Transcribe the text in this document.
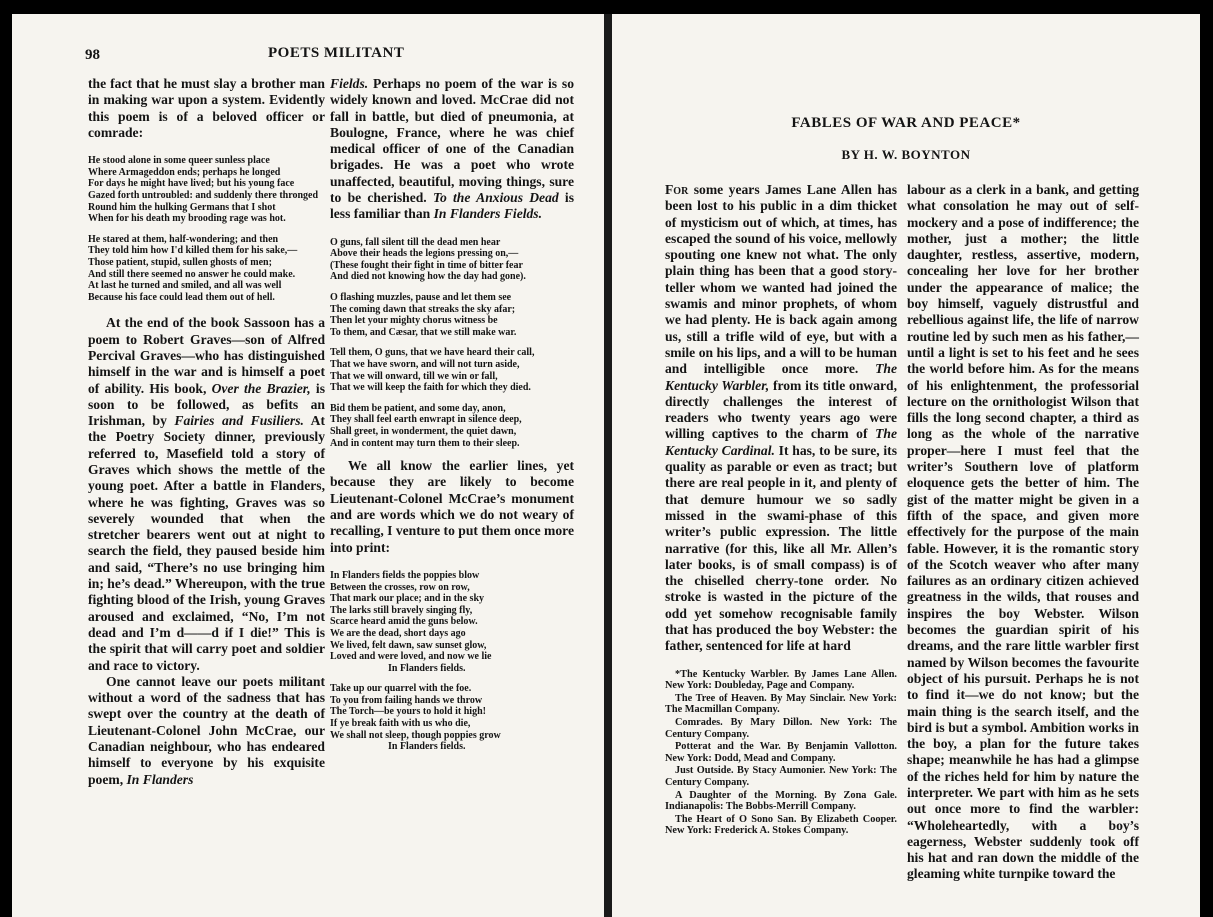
98	POETS MILITANT

the fact that he must slay a brother man in making war upon a system. Evidently this poem is of a beloved officer or comrade:

He stood alone in some queer sunless place
Where Armageddon ends; perhaps he longed
For days he might have lived; but his young face
Gazed forth untroubled: and suddenly there thronged
Round him the hulking Germans that I shot
When for his death my brooding rage was hot.
He stared at them, half-wondering; and then
They told him how I'd killed them for his sake,—
Those patient, stupid, sullen ghosts of men;
And still there seemed no answer he could make.
At last he turned and smiled, and all was well
Because his face could lead them out of hell.

At the end of the book Sassoon has a poem to Robert Graves—son of Alfred Percival Graves—who has distinguished himself in the war and is himself a poet of ability. His book, Over the Brazier, is soon to be followed, as befits an Irishman, by Fairies and Fusiliers. At the Poetry Society dinner, previously referred to, Masefield told a story of Graves which shows the mettle of the young poet. After a battle in Flanders, where he was fighting, Graves was so severely wounded that when the stretcher bearers went out at night to search the field, they paused beside him and said, “There’s no use bringing him in; he’s dead.” Whereupon, with the true fighting blood of the Irish, young Graves aroused and exclaimed, “No, I’m not dead and I’m d——d if I die!” This is the spirit that will carry poet and soldier and race to victory.

One cannot leave our poets militant without a word of the sadness that has swept over the country at the death of Lieutenant-Colonel John McCrae, our Canadian neighbour, who has endeared himself to everyone by his exquisite poem, In Flanders

Fields. Perhaps no poem of the war is so widely known and loved. McCrae did not fall in battle, but died of pneumonia, at Boulogne, France, where he was chief medical officer of one of the Canadian brigades. He was a poet who wrote unaffected, beautiful, moving things, sure to be cherished. To the Anxious Dead is less familiar than In Flanders Fields.

O guns, fall silent till the dead men hear
Above their heads the legions pressing on,—
(These fought their fight in time of bitter fear
And died not knowing how the day had gone).
O flashing muzzles, pause and let them see
The coming dawn that streaks the sky afar;
Then let your mighty chorus witness be
To them, and Cæsar, that we still make war.
Tell them, O guns, that we have heard their call,
That we have sworn, and will not turn aside,
That we will onward, till we win or fall,
That we will keep the faith for which they died.
Bid them be patient, and some day, anon,
They shall feel earth enwrapt in silence deep,
Shall greet, in wonderment, the quiet dawn,
And in content may turn them to their sleep.

We all know the earlier lines, yet because they are likely to become Lieutenant-Colonel McCrae’s monument and are words which we do not weary of recalling, I venture to put them once more into print:

In Flanders fields the poppies blow
Between the crosses, row on row,
That mark our place; and in the sky
The larks still bravely singing fly,
Scarce heard amid the guns below.
We are the dead, short days ago
We lived, felt dawn, saw sunset glow,
Loved and were loved, and now we lie
In Flanders fields.
Take up our quarrel with the foe.
To you from failing hands we throw
The Torch—be yours to hold it high!
If ye break faith with us who die,
We shall not sleep, though poppies grow
In Flanders fields.
FABLES OF WAR AND PEACE*
BY H. W. BOYNTON

For some years James Lane Allen has been lost to his public in a dim thicket of mysticism out of which, at times, has escaped the sound of his voice, mellowly spouting one knew not what. The only plain thing has been that a good story-teller whom we wanted had joined the swamis and minor prophets, of whom we had plenty. He is back again among us, still a trifle wild of eye, but with a smile on his lips, and a will to be human and intelligible once more. The Kentucky Warbler, from its title onward, directly challenges the interest of readers who twenty years ago were willing captives to the charm of The Kentucky Cardinal. It has, to be sure, its quality as parable or even as tract; but there are real people in it, and plenty of that demure humour we so sadly missed in the swami-phase of this writer’s public expression. The little narrative (for this, like all Mr. Allen’s later books, is of small compass) is of the chiselled cherry-tone order. No stroke is wasted in the picture of the odd yet somehow recognisable family that has produced the boy Webster: the father, sentenced for life at hard

*The Kentucky Warbler. By James Lane Allen. New York: Doubleday, Page and Company.

The Tree of Heaven. By May Sinclair. New York: The Macmillan Company.

Comrades. By Mary Dillon. New York: The Century Company.

Potterat and the War. By Benjamin Vallotton. New York: Dodd, Mead and Company.

Just Outside. By Stacy Aumonier. New York: The Century Company.

A Daughter of the Morning. By Zona Gale. Indianapolis: The Bobbs-Merrill Company.

The Heart of O Sono San. By Elizabeth Cooper. New York: Frederick A. Stokes Company.

labour as a clerk in a bank, and getting what consolation he may out of self-mockery and a pose of indifference; the mother, just a mother; the little daughter, restless, assertive, modern, concealing her love for her brother under the appearance of malice; the boy himself, vaguely distrustful and rebellious against life, the life of narrow routine led by such men as his father,—until a light is set to his feet and he sees the world before him. As for the means of his enlightenment, the professorial lecture on the ornithologist Wilson that fills the long second chapter, a third as long as the whole of the narrative proper—here I must feel that the writer’s Southern love of platform eloquence gets the better of him. The gist of the matter might be given in a fifth of the space, and given more effectively for the purpose of the main fable. However, it is the romantic story of the Scotch weaver who after many failures as an ordinary citizen achieved greatness in the wilds, that rouses and inspires the boy Webster. Wilson becomes the guardian spirit of his dreams, and the rare little warbler first named by Wilson becomes the favourite object of his pursuit. Perhaps he is not to find it—we do not know; but the main thing is the search itself, and the bird is but a symbol. Ambition works in the boy, a plan for the future takes shape; meanwhile he has had a glimpse of the riches held for him by nature the interpreter. We part with him as he sets out once more to find the warbler: “Wholeheartedly, with a boy’s eagerness, Webster suddenly took off his hat and ran down the middle of the gleaming white turnpike toward the
